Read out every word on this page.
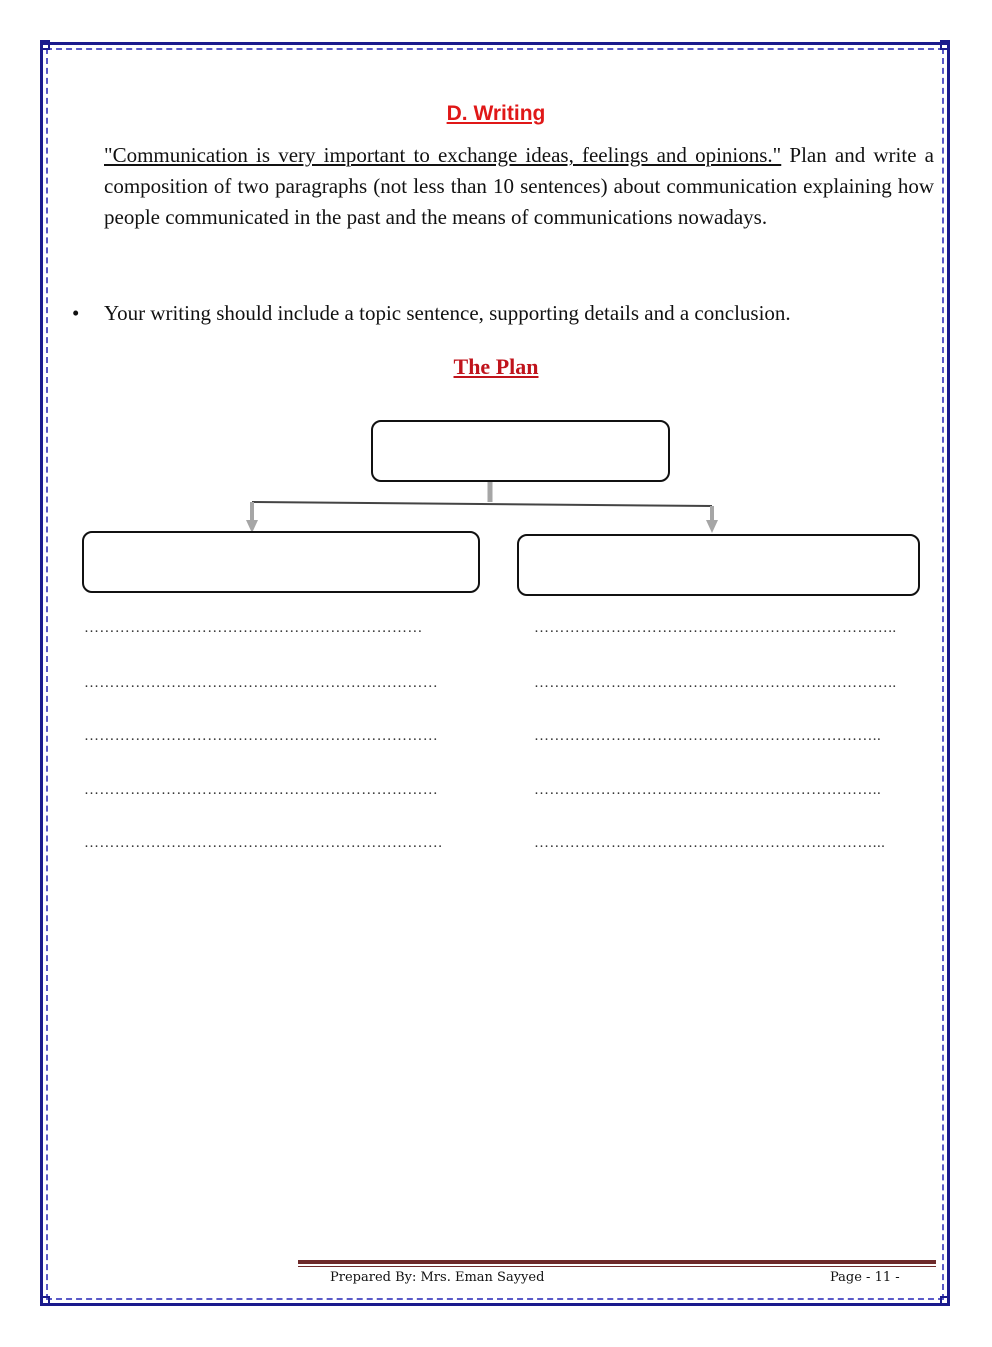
D. Writing
"Communication is very important to exchange ideas, feelings and opinions." Plan and write a composition of two paragraphs (not less than 10 sentences) about communication explaining how people communicated in the past and the means of communications nowadays.
•	Your writing should include a topic sentence, supporting details and a conclusion.
The Plan
…………………………………………………………
……………………………………………………………
……………………………………………………………
……………………………………………………………
…………………………………………………………….
……………………………………………………………..
……………………………………………………………..
…………………………………………………………..
…………………………………………………………..
…………………………………………………………...
Prepared By: Mrs. Eman Sayyed	Page - 11 -
